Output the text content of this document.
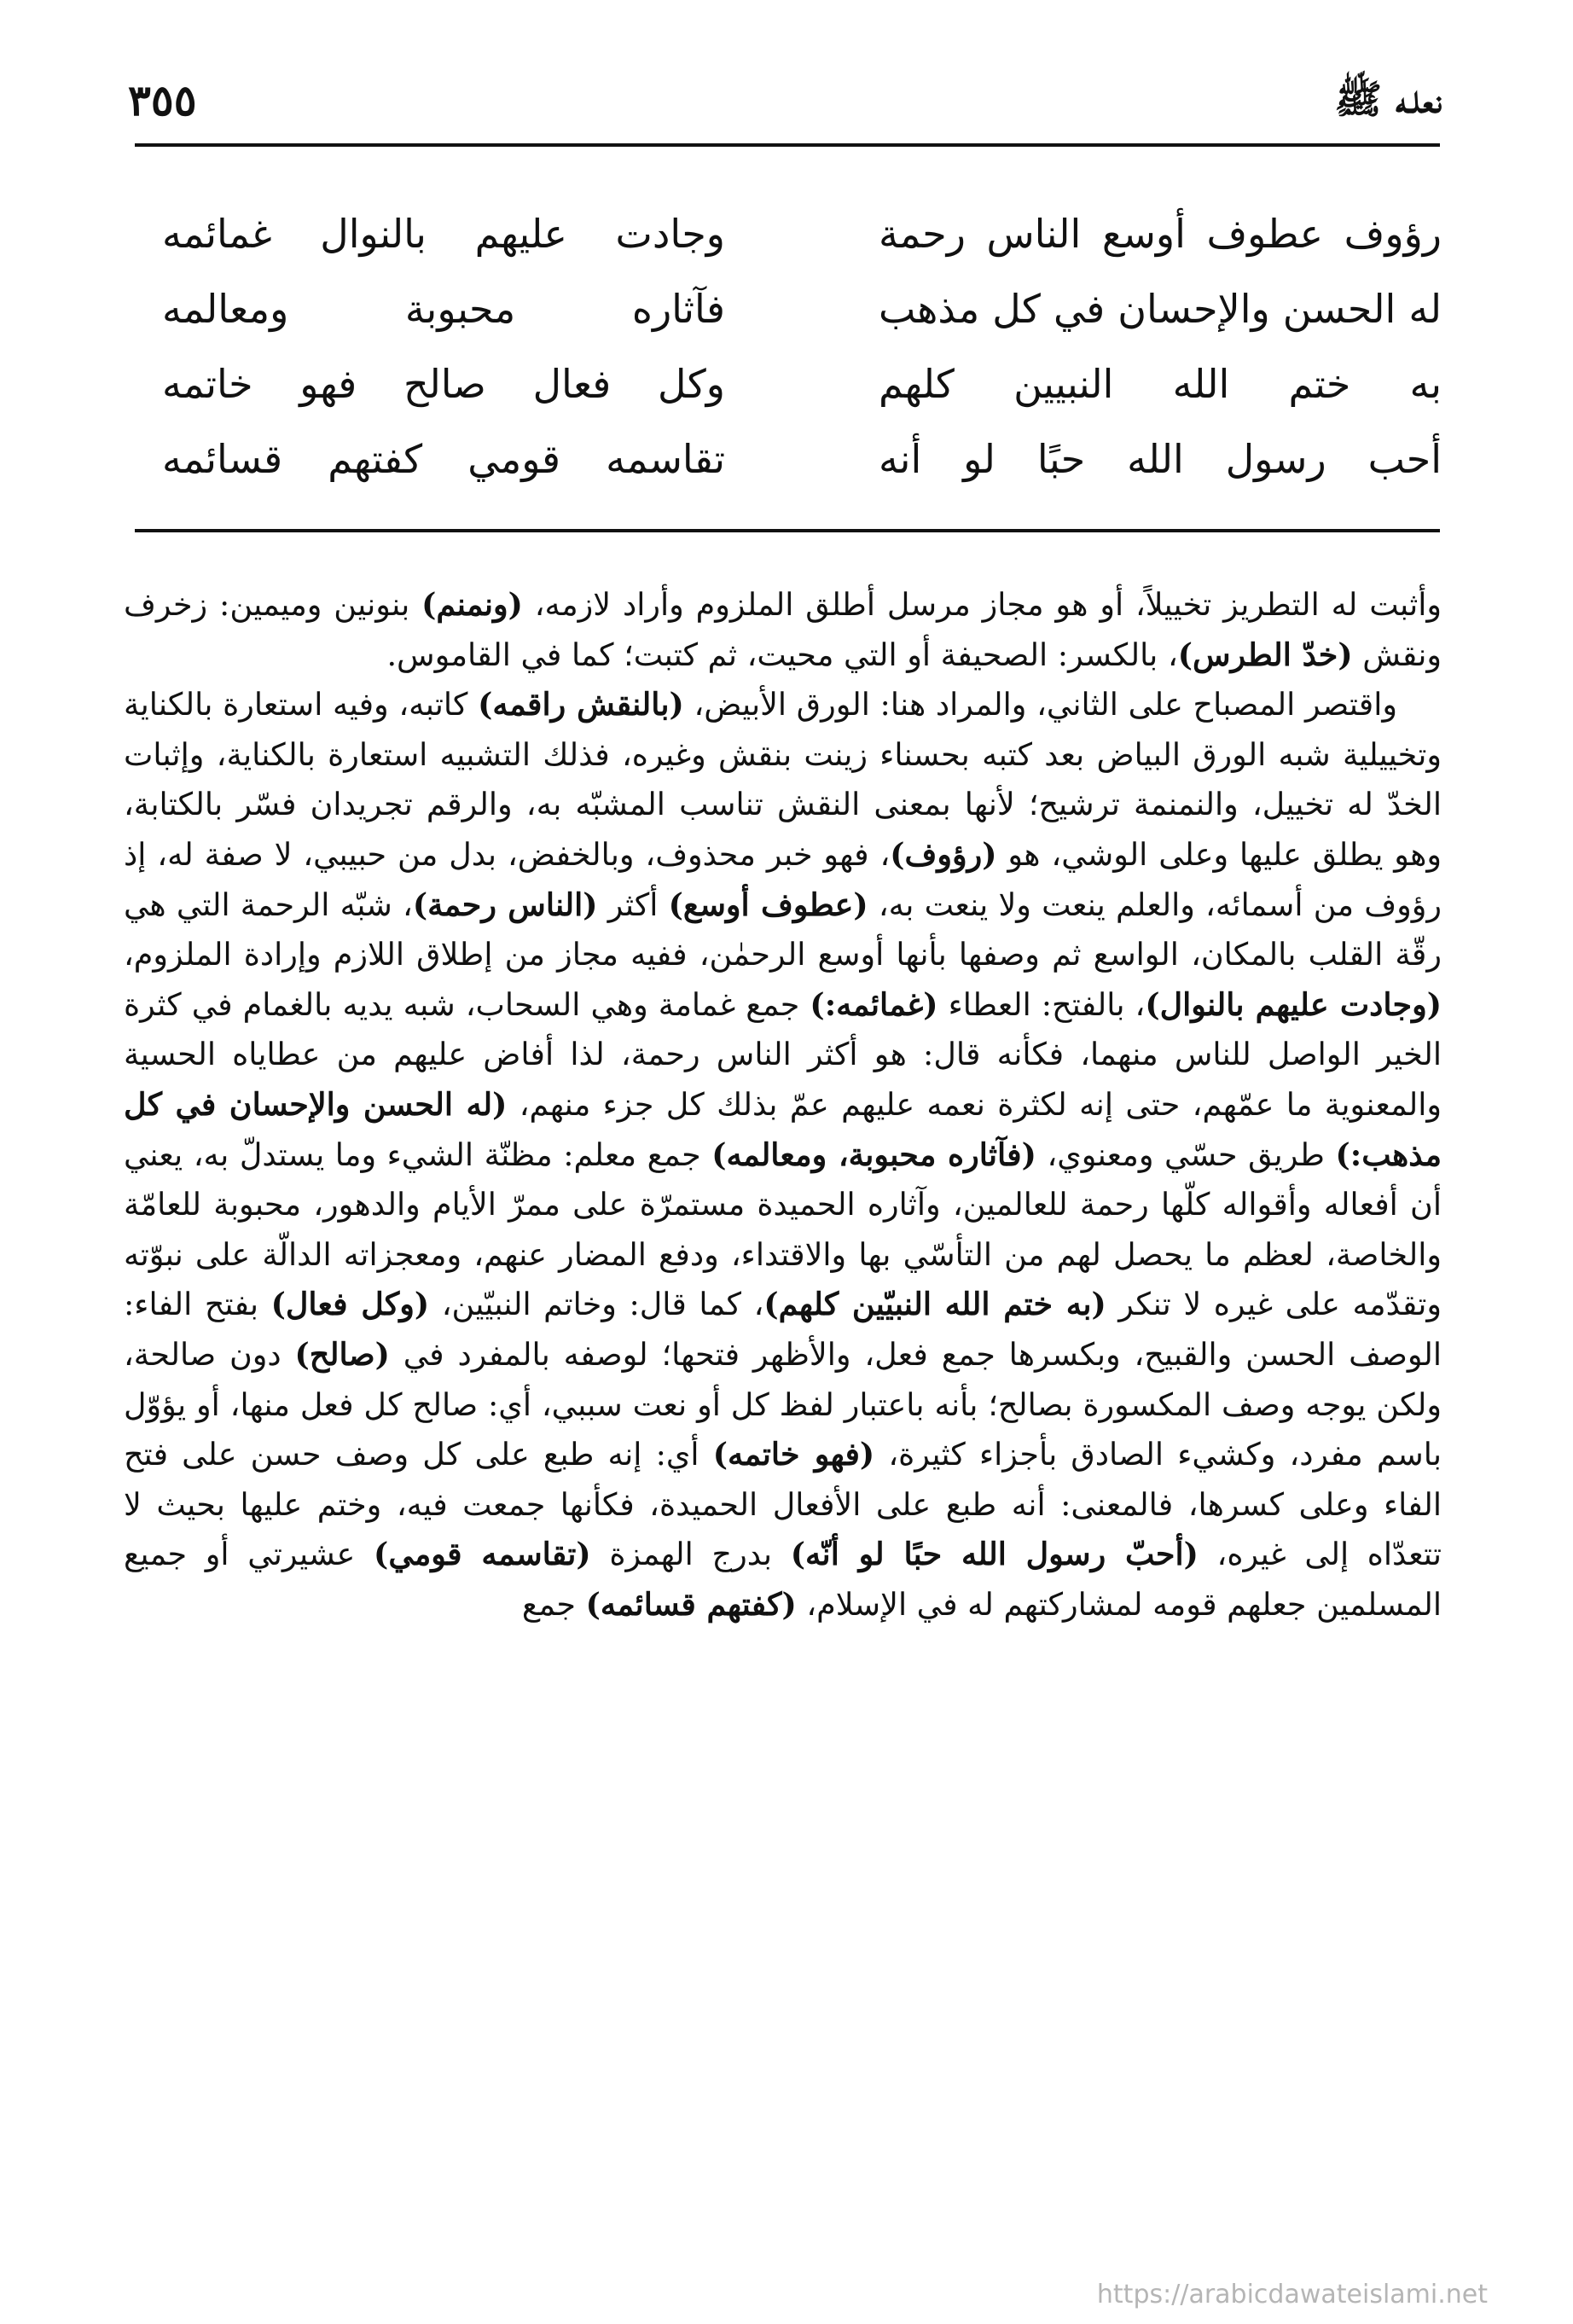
نعلـه ﷺ
٣٥٥
رؤوف عطوف أوسع الناس رحمة
وجادت عليهم بالنوال غمائمه
له الحسن والإحسان في كل مذهب
فآثاره محبوبة ومعالمه
به ختم الله النبيين كلهم
وكل فعال صالح فهو خاتمه
أحب رسول الله حبًا لو أنه
تقاسمه قومي كفتهم قسائمه

وأثبت له التطريز تخييلاً، أو هو مجاز مرسل أطلق الملزوم وأراد لازمه، (ونمنم) بنونين وميمين: زخرف ونقش (خدّ الطرس)، بالكسر: الصحيفة أو التي محيت، ثم كتبت؛ كما في القاموس.

واقتصر المصباح على الثاني، والمراد هنا: الورق الأبيض، (بالنقش راقمه) كاتبه، وفيه استعارة بالكناية وتخييلية شبه الورق البياض بعد كتبه بحسناء زينت بنقش وغيره، فذلك التشبيه استعارة بالكناية، وإثبات الخدّ له تخييل، والنمنمة ترشيح؛ لأنها بمعنى النقش تناسب المشبّه به، والرقم تجريدان فسّر بالكتابة، وهو يطلق عليها وعلى الوشي، هو (رؤوف)، فهو خبر محذوف، وبالخفض، بدل من حبيبي، لا صفة له، إذ رؤوف من أسمائه، والعلم ينعت ولا ينعت به، (عطوف أوسع) أكثر (الناس رحمة)، شبّه الرحمة التي هي رقّة القلب بالمكان، الواسع ثم وصفها بأنها أوسع الرحمٰن، ففيه مجاز من إطلاق اللازم وإرادة الملزوم، (وجادت عليهم بالنوال)، بالفتح: العطاء (غمائمه:) جمع غمامة وهي السحاب، شبه يديه بالغمام في كثرة الخير الواصل للناس منهما، فكأنه قال: هو أكثر الناس رحمة، لذا أفاض عليهم من عطاياه الحسية والمعنوية ما عمّهم، حتى إنه لكثرة نعمه عليهم عمّ بذلك كل جزء منهم، (له الحسن والإحسان في كل مذهب:) طريق حسّي ومعنوي، (فآثاره محبوبة، ومعالمه) جمع معلم: مظنّة الشيء وما يستدلّ به، يعني أن أفعاله وأقواله كلّها رحمة للعالمين، وآثاره الحميدة مستمرّة على ممرّ الأيام والدهور، محبوبة للعامّة والخاصة، لعظم ما يحصل لهم من التأسّي بها والاقتداء، ودفع المضار عنهم، ومعجزاته الدالّة على نبوّته وتقدّمه على غيره لا تنكر (به ختم الله النبيّين كلهم)، كما قال: وخاتم النبيّين، (وكل فعال) بفتح الفاء: الوصف الحسن والقبيح، وبكسرها جمع فعل، والأظهر فتحها؛ لوصفه بالمفرد في (صالح) دون صالحة، ولكن يوجه وصف المكسورة بصالح؛ بأنه باعتبار لفظ كل أو نعت سببي، أي: صالح كل فعل منها، أو يؤوّل باسم مفرد، وكشيء الصادق بأجزاء كثيرة، (فهو خاتمه) أي: إنه طبع على كل وصف حسن على فتح الفاء وعلى كسرها، فالمعنى: أنه طبع على الأفعال الحميدة، فكأنها جمعت فيه، وختم عليها بحيث لا تتعدّاه إلى غيره، (أحبّ رسول الله حبًا لو أنّه) بدرج الهمزة (تقاسمه قومي) عشيرتي أو جميع المسلمين جعلهم قومه لمشاركتهم له في الإسلام، (كفتهم قسائمه) جمع

https://arabicdawateislami.net
